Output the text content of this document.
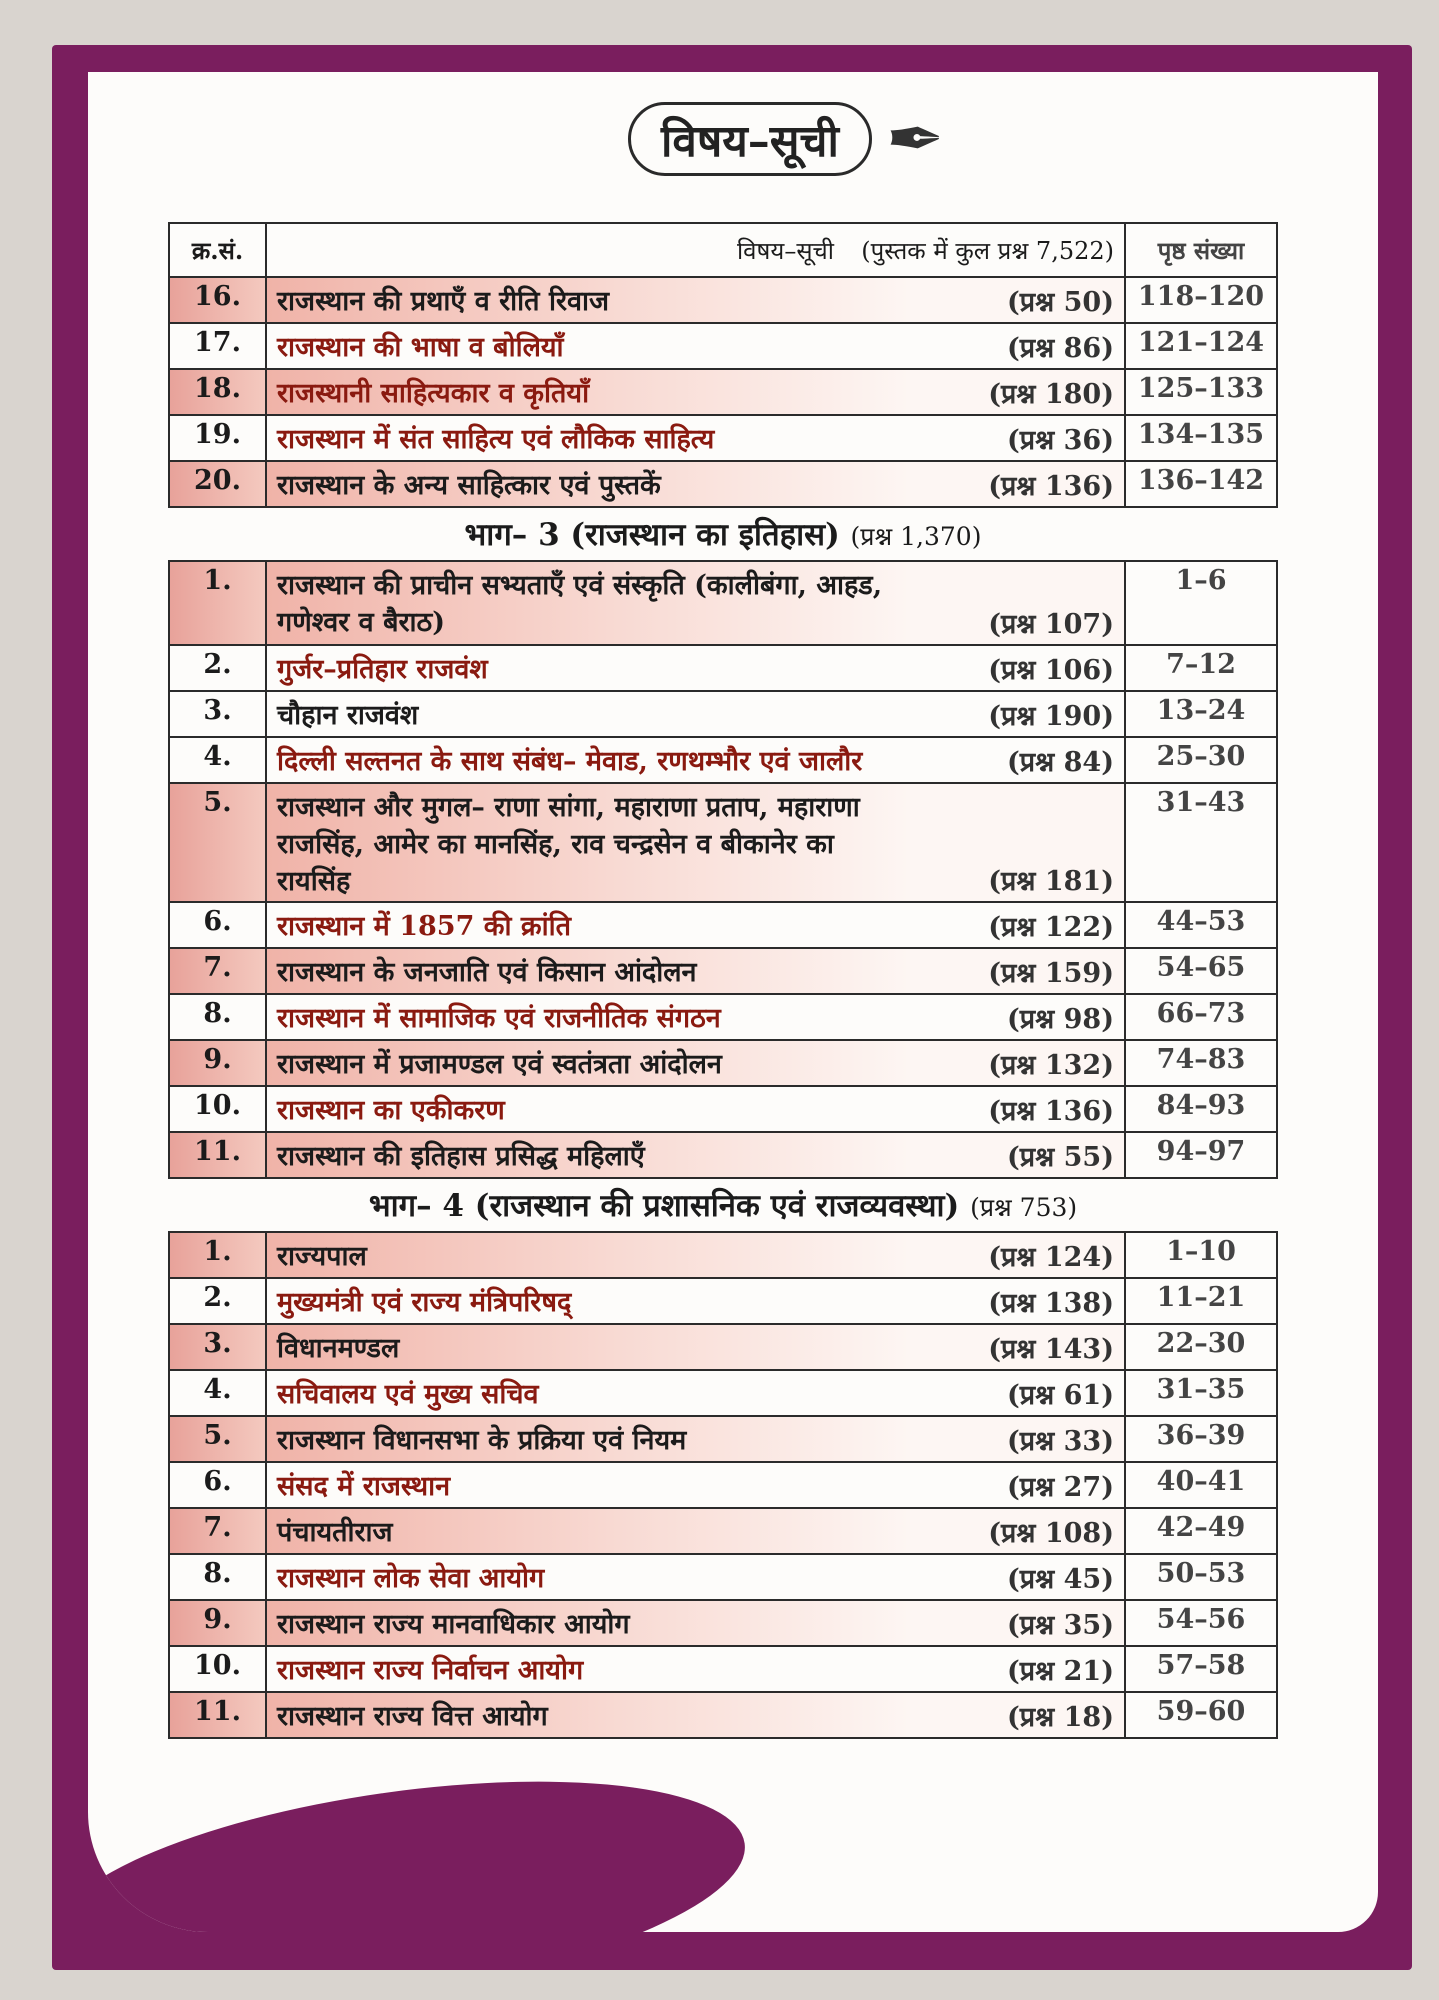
विषय–सूची ✒
क्र.सं.	विषय–सूची (पुस्तक में कुल प्रश्न 7,522)	पृष्ठ संख्या
16.	राजस्थान की प्रथाएँ व रीति रिवाज (प्रश्न 50)	118–120
17.	राजस्थान की भाषा व बोलियाँ (प्रश्न 86)	121–124
18.	राजस्थानी साहित्यकार व कृतियाँ (प्रश्न 180)	125–133
19.	राजस्थान में संत साहित्य एवं लौकिक साहित्य (प्रश्न 36)	134–135
20.	राजस्थान के अन्य साहित्कार एवं पुस्तकें (प्रश्न 136)	136–142
भाग– 3 (राजस्थान का इतिहास) (प्रश्न 1,370)		
1.	राजस्थान की प्राचीन सभ्यताएँ एवं संस्कृति (कालीबंगा, आहड, गणेश्वर व बैराठ) (प्रश्न 107)	1–6
2.	गुर्जर–प्रतिहार राजवंश (प्रश्न 106)	7–12
3.	चौहान राजवंश (प्रश्न 190)	13–24
4.	दिल्ली सल्तनत के साथ संबंध– मेवाड, रणथम्भौर एवं जालौर (प्रश्न 84)	25–30
5.	राजस्थान और मुगल– राणा सांगा, महाराणा प्रताप, महाराणा राजसिंह, आमेर का मानसिंह, राव चन्द्रसेन व बीकानेर का रायसिंह (प्रश्न 181)	31–43
6.	राजस्थान में 1857 की क्रांति (प्रश्न 122)	44–53
7.	राजस्थान के जनजाति एवं किसान आंदोलन (प्रश्न 159)	54–65
8.	राजस्थान में सामाजिक एवं राजनीतिक संगठन (प्रश्न 98)	66–73
9.	राजस्थान में प्रजामण्डल एवं स्वतंत्रता आंदोलन (प्रश्न 132)	74–83
10.	राजस्थान का एकीकरण (प्रश्न 136)	84–93
11.	राजस्थान की इतिहास प्रसिद्ध महिलाएँ (प्रश्न 55)	94–97
भाग– 4 (राजस्थान की प्रशासनिक एवं राजव्यवस्था) (प्रश्न 753)		
1.	राज्यपाल (प्रश्न 124)	1–10
2.	मुख्यमंत्री एवं राज्य मंत्रिपरिषद् (प्रश्न 138)	11–21
3.	विधानमण्डल (प्रश्न 143)	22–30
4.	सचिवालय एवं मुख्य सचिव (प्रश्न 61)	31–35
5.	राजस्थान विधानसभा के प्रक्रिया एवं नियम (प्रश्न 33)	36–39
6.	संसद में राजस्थान (प्रश्न 27)	40–41
7.	पंचायतीराज (प्रश्न 108)	42–49
8.	राजस्थान लोक सेवा आयोग (प्रश्न 45)	50–53
9.	राजस्थान राज्य मानवाधिकार आयोग (प्रश्न 35)	54–56
10.	राजस्थान राज्य निर्वाचन आयोग (प्रश्न 21)	57–58
11.	राजस्थान राज्य वित्त आयोग (प्रश्न 18)	59–60
